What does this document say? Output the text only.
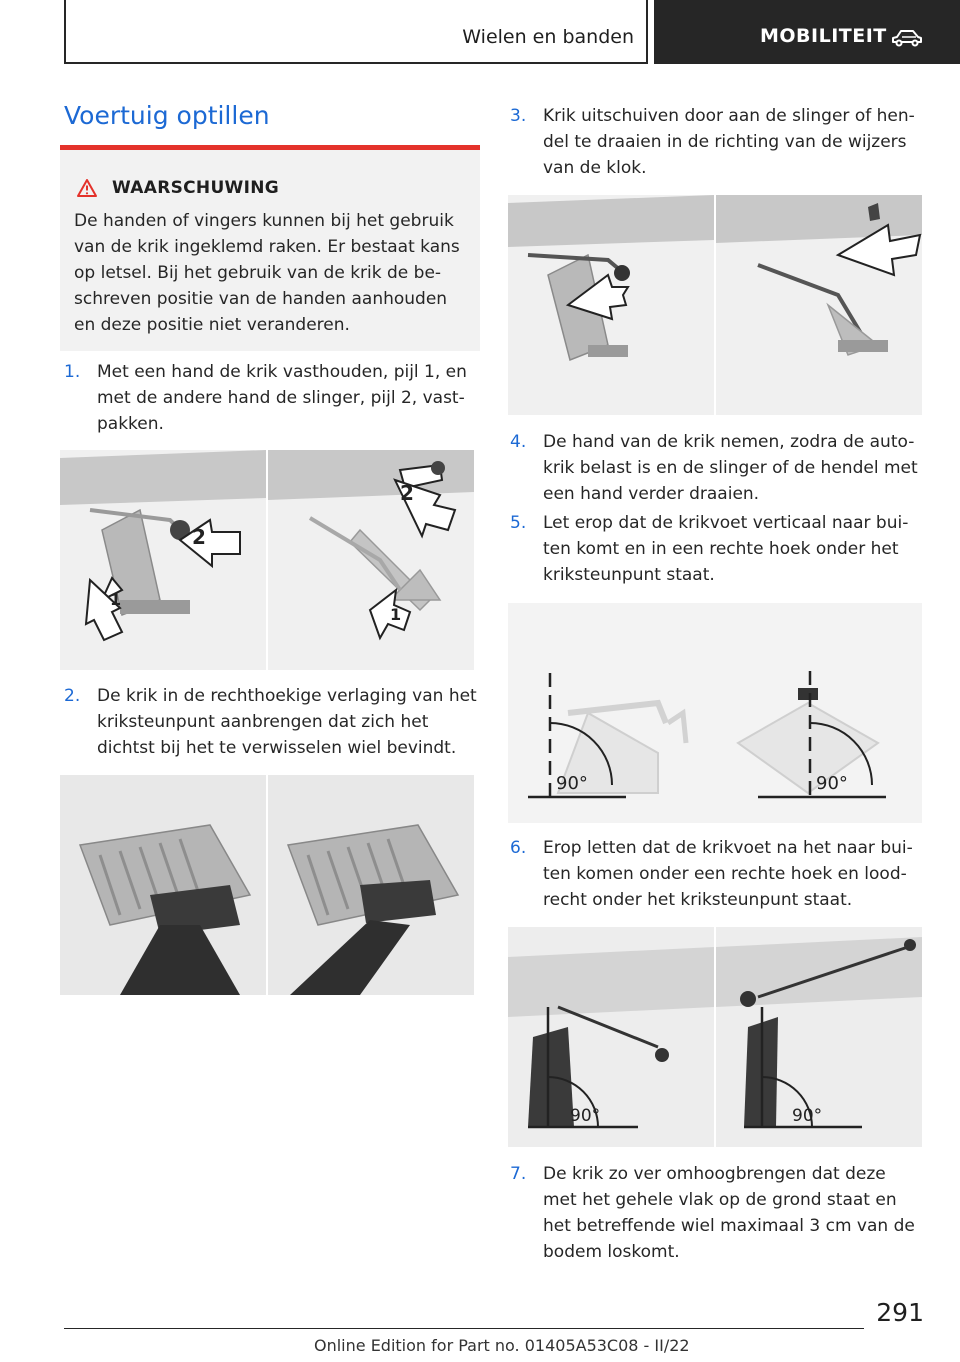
Wielen en banden	MOBILITEIT
Voertuig optillen
WAARSCHUWING
De handen of vingers kunnen bij het gebruik
van de krik ingeklemd raken. Er bestaat kans
op letsel. Bij het gebruik van de krik de be-
schreven positie van de handen aanhouden
en deze positie niet veranderen.
1. Met een hand de krik vasthouden, pijl 1, en
met de andere hand de slinger, pijl 2, vast-
pakken.
1
2
2
1
2. De krik in de rechthoekige verlaging van het
kriksteunpunt aanbrengen dat zich het
dichtst bij het te verwisselen wiel bevindt.
3. Krik uitschuiven door aan de slinger of hen-
del te draaien in de richting van de wijzers
van de klok.
4. De hand van de krik nemen, zodra de auto-
krik belast is en de slinger of de hendel met
een hand verder draaien.
5. Let erop dat de krikvoet verticaal naar bui-
ten komt en in een rechte hoek onder het
kriksteunpunt staat.
90°	90°
6. Erop letten dat de krikvoet na het naar bui-
ten komen onder een rechte hoek en lood-
recht onder het kriksteunpunt staat.
90°	90°
7. De krik zo ver omhoogbrengen dat deze
met het gehele vlak op de grond staat en
het betreffende wiel maximaal 3 cm van de
bodem loskomt.
291
Online Edition for Part no. 01405A53C08 - II/22
